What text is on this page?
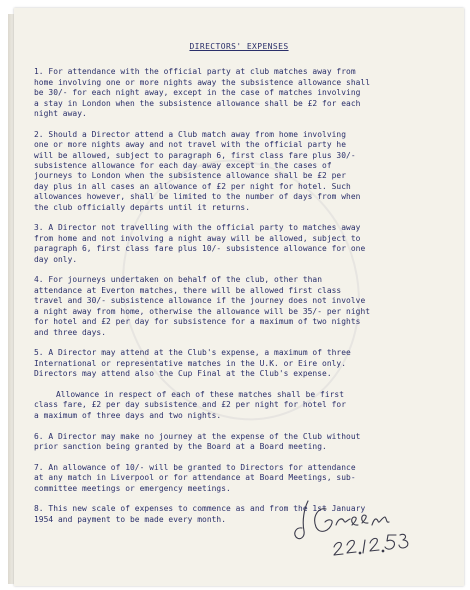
DIRECTORS' EXPENSES

1. For attendance with the official party at club matches away from
home involving one or more nights away the subsistence allowance shall
be 30/- for each night away, except in the case of matches involving
a stay in London when the subsistence allowance shall be £2 for each
night away.

2. Should a Director attend a Club match away from home involving
one or more nights away and not travel with the official party he
will be allowed, subject to paragraph 6, first class fare plus 30/-
subsistence allowance for each day away except in the cases of
journeys to London when the subsistence allowance shall be £2 per
day plus in all cases an allowance of £2 per night for hotel. Such
allowances however, shall be limited to the number of days from when
the club officially departs until it returns.

3. A Director not travelling with the official party to matches away
from home and not involving a night away will be allowed, subject to
paragraph 6, first class fare plus 10/- subsistence allowance for one
day only.

4. For journeys undertaken on behalf of the club, other than
attendance at Everton matches, there will be allowed first class
travel and 30/- subsistence allowance if the journey does not involve
a night away from home, otherwise the allowance will be 35/- per night
for hotel and £2 per day for subsistence for a maximum of two nights
and three days.

5. A Director may attend at the Club's expense, a maximum of three
International or representative matches in the U.K. or Eire only.
Directors may attend also the Cup Final at the Club's expense.

Allowance in respect of each of these matches shall be first
class fare, £2 per day subsistence and £2 per night for hotel for
a maximum of three days and two nights.

6. A Director may make no journey at the expense of the Club without
prior sanction being granted by the Board at a Board meeting.

7. An allowance of 10/- will be granted to Directors for attendance
at any match in Liverpool or for attendance at Board Meetings, sub-
committee meetings or emergency meetings.

8. This new scale of expenses to commence as and from the 1st January
1954 and payment to be made every month.
